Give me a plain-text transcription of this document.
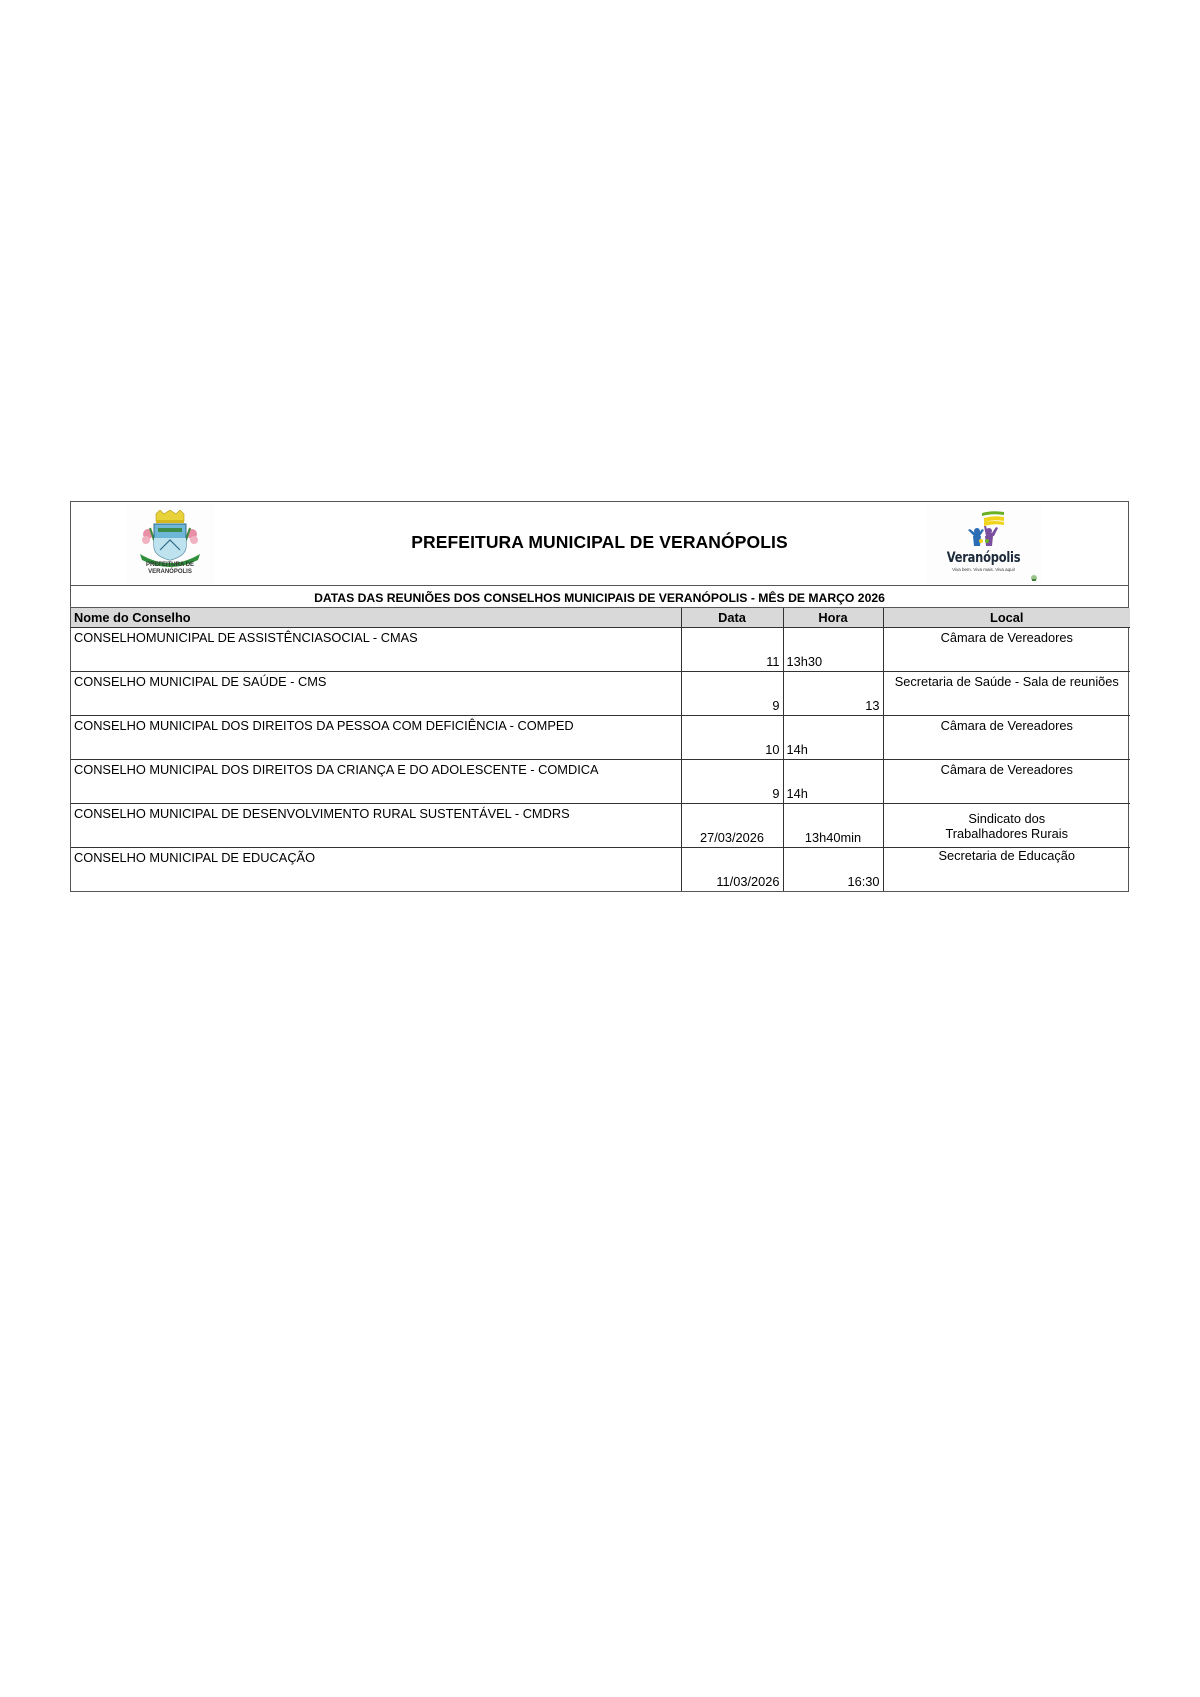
PREFEITURA DE
VERANÓPOLIS
PREFEITURA MUNICIPAL DE VERANÓPOLIS
Veranópolis
Viva bem. Viva mais. Viva aqui!
DATAS DAS REUNIÕES DOS CONSELHOS MUNICIPAIS DE VERANÓPOLIS - MÊS DE MARÇO 2026
Nome do Conselho	Data	Hora	Local
CONSELHOMUNICIPAL DE ASSISTÊNCIASOCIAL - CMAS	11	13h30	Câmara de Vereadores
CONSELHO MUNICIPAL DE SAÚDE - CMS	9	13	Secretaria de Saúde - Sala de reuniões
CONSELHO MUNICIPAL DOS DIREITOS DA PESSOA COM DEFICIÊNCIA - COMPED	10	14h	Câmara de Vereadores
CONSELHO MUNICIPAL DOS DIREITOS DA CRIANÇA E DO ADOLESCENTE - COMDICA	9	14h	Câmara de Vereadores
CONSELHO MUNICIPAL DE DESENVOLVIMENTO RURAL SUSTENTÁVEL - CMDRS	27/03/2026	13h40min	Sindicato dos
Trabalhadores Rurais

CONSELHO MUNICIPAL DE EDUCAÇÃO	11/03/2026	16:30	Secretaria de Educação
